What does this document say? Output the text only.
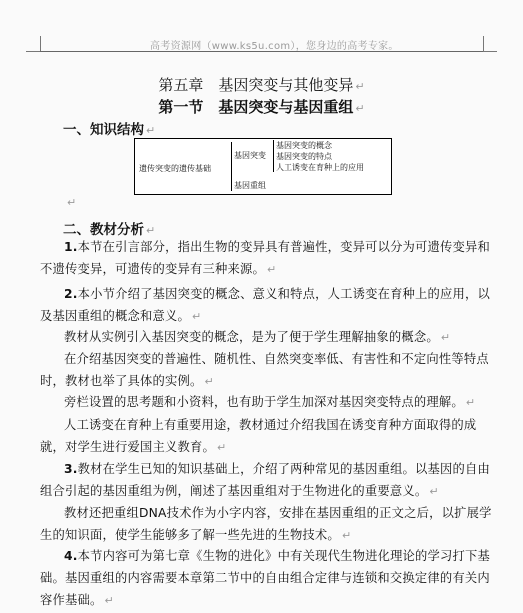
高考资源网（www.ks5u.com），您身边的高考专家。
第五章　基因突变与其他变异 ↵
第一节　基因突变与基因重组 ↵
一、知识结构 ↵
遗传突变的遗传基础
基因突变
基因重组
基因突变的概念
基因突变的特点
人工诱变在育种上的应用
↵
二、教材分析 ↵

1.本节在引言部分，指出生物的变异具有普遍性，变异可以分为可遗传变异和不遗传变异，可遗传的变异有三种来源。 ↵

2.本小节介绍了基因突变的概念、意义和特点，人工诱变在育种上的应用，以及基因重组的概念和意义。 ↵

教材从实例引入基因突变的概念，是为了便于学生理解抽象的概念。 ↵

在介绍基因突变的普遍性、随机性、自然突变率低、有害性和不定向性等特点时，教材也举了具体的实例。 ↵

旁栏设置的思考题和小资料，也有助于学生加深对基因突变特点的理解。 ↵

人工诱变在育种上有重要用途，教材通过介绍我国在诱变育种方面取得的成就，对学生进行爱国主义教育。 ↵

3.教材在学生已知的知识基础上，介绍了两种常见的基因重组。以基因的自由组合引起的基因重组为例，阐述了基因重组对于生物进化的重要意义。 ↵

教材还把重组DNA技术作为小字内容，安排在基因重组的正文之后，以扩展学生的知识面，使学生能够多了解一些先进的生物技术。 ↵

4.本节内容可为第七章《生物的进化》中有关现代生物进化理论的学习打下基础。基因重组的内容需要本章第二节中的自由组合定律与连锁和交换定律的有关内容作基础。 ↵
